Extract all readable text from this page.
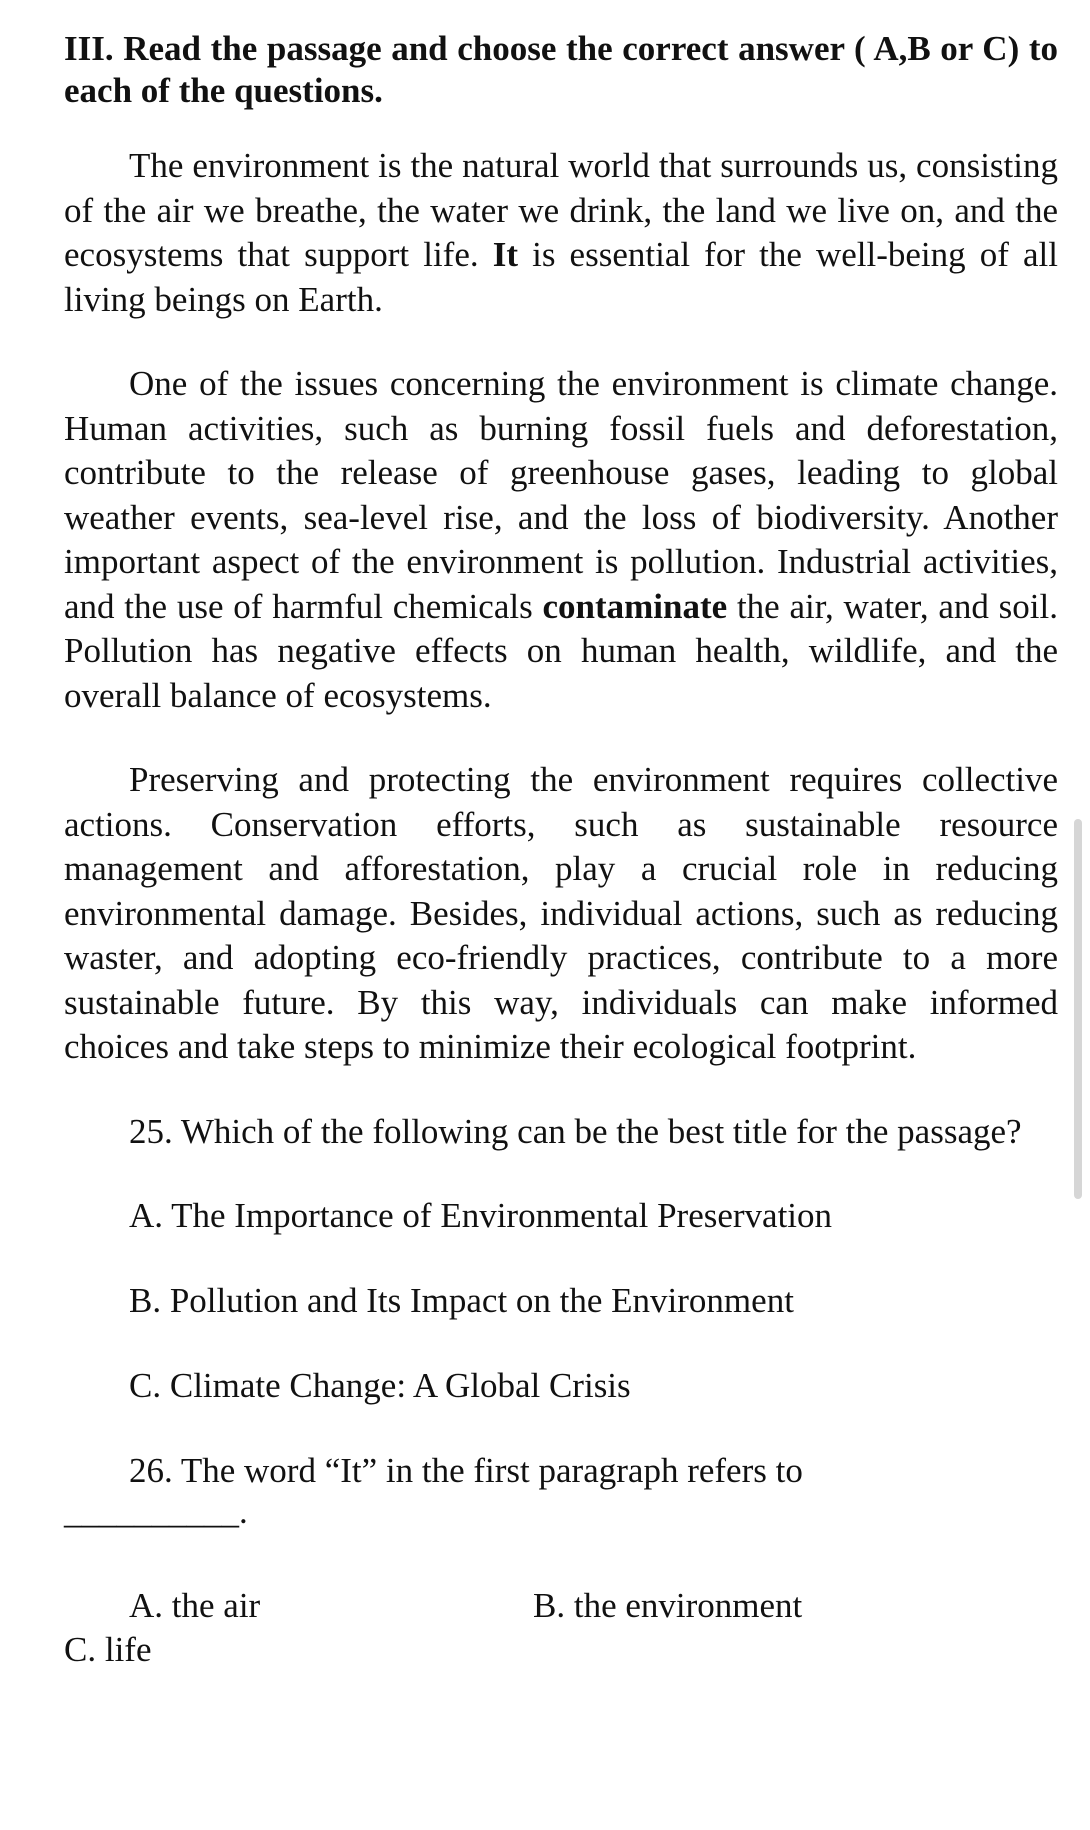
III. Read the passage and choose the correct answer ( A,B or C) to each of the questions.
The environment is the natural world that surrounds us, consisting of the air we breathe, the water we drink, the land we live on, and the ecosystems that support life. It is essential for the well-being of all living beings on Earth.
One of the issues concerning the environment is climate change. Human activities, such as burning fossil fuels and deforestation, contribute to the release of greenhouse gases, leading to global weather events, sea-level rise, and the loss of biodiversity. Another important aspect of the environment is pollution. Industrial activities, and the use of harmful chemicals contaminate the air, water, and soil. Pollution has negative effects on human health, wildlife, and the overall balance of ecosystems.
Preserving and protecting the environment requires collective actions. Conservation efforts, such as sustainable resource management and afforestation, play a crucial role in reducing environmental damage. Besides, individual actions, such as reducing waster, and adopting eco-friendly practices, contribute to a more sustainable future. By this way, individuals can make informed choices and take steps to minimize their ecological footprint.
25. Which of the following can be the best title for the passage?
A. The Importance of Environmental Preservation
B. Pollution and Its Impact on the Environment
C. Climate Change: A Global Crisis
26. The word “It” in the first paragraph refers to
__________.
A. the air	B. the environment
C. life
